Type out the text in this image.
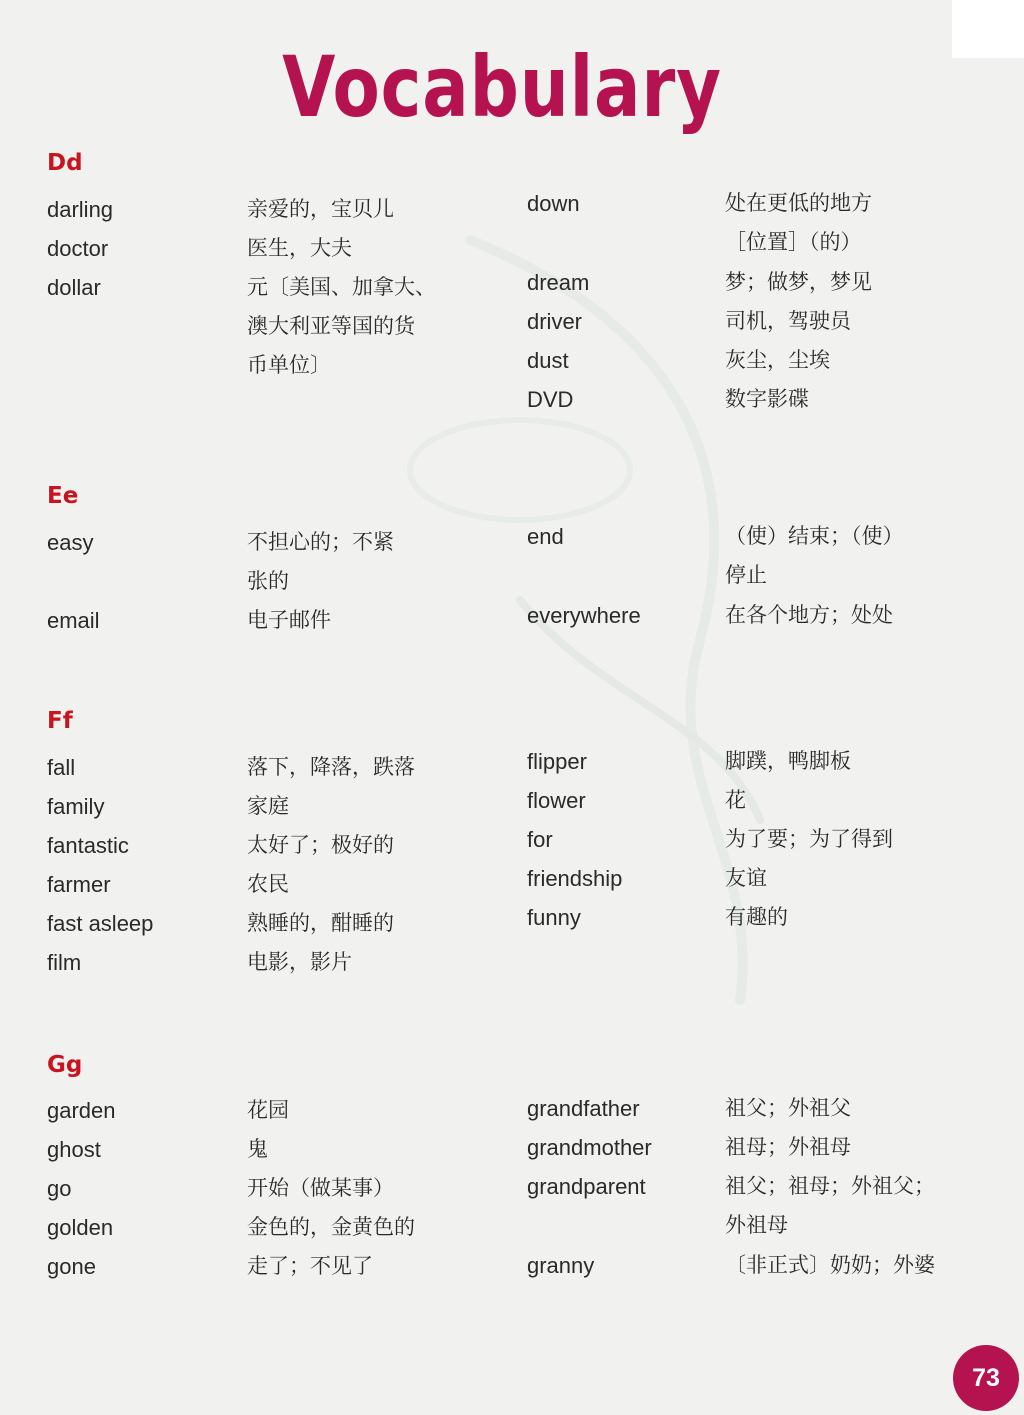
Vocabulary
Dd
darling	亲爱的，宝贝儿
doctor	医生，大夫
dollar	元〔美国、加拿大、
澳大利亚等国的货
币单位〕
down	处在更低的地方
［位置］（的）
dream	梦；做梦，梦见
driver	司机，驾驶员
dust	灰尘，尘埃
DVD	数字影碟
Ee
easy	不担心的；不紧
张的
email	电子邮件
end	（使）结束；（使）
停止
everywhere	在各个地方；处处
Ff
fall	落下，降落，跌落
family	家庭
fantastic	太好了；极好的
farmer	农民
fast asleep	熟睡的，酣睡的
film	电影，影片
flipper	脚蹼，鸭脚板
flower	花
for	为了要；为了得到
friendship	友谊
funny	有趣的
Gg
garden	花园
ghost	鬼
go	开始（做某事）
golden	金色的，金黄色的
gone	走了；不见了
grandfather	祖父；外祖父
grandmother	祖母；外祖母
grandparent	祖父；祖母；外祖父；
外祖母
granny	〔非正式〕奶奶；外婆
73
